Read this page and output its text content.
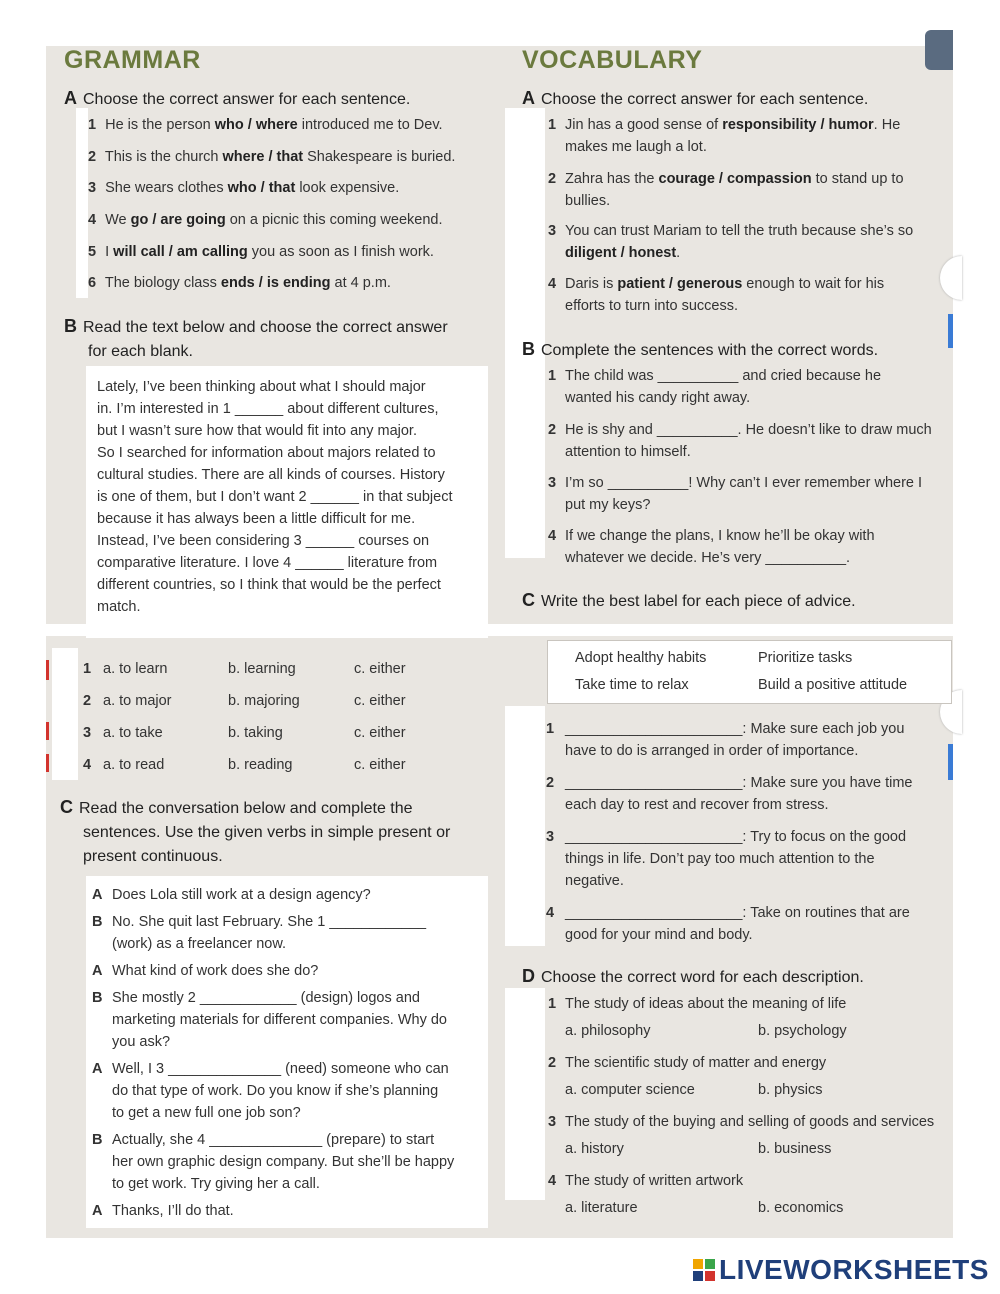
GRAMMAR
A Choose the correct answer for each sentence.
B Read the text below and choose the correct answer
for each blank.
Lately, I’ve been thinking about what I should major
in. I’m interested in 1 ______ about different cultures,
but I wasn’t sure how that would fit into any major.
So I searched for information about majors related to
cultural studies. There are all kinds of courses. History
is one of them, but I don’t want 2 ______ in that subject
because it has always been a little difficult for me.
Instead, I’ve been considering 3 ______ courses on
comparative literature. I love 4 ______ literature from
different countries, so I think that would be the perfect
match.
C Read the conversation below and complete the
sentences. Use the given verbs in simple present or
present continuous.
VOCABULARY
A Choose the correct answer for each sentence.
B Complete the sentences with the correct words.
C Write the best label for each piece of advice.
Adopt healthy habits	Prioritize tasks
Take time to relax	Build a positive attitude
D Choose the correct word for each description.
LIVEWORKSHEETS
1 He is the person who / where introduced me to Dev.
2 This is the church where / that Shakespeare is buried.
3 She wears clothes who / that look expensive.
4 We go / are going on a picnic this coming weekend.
5 I will call / am calling you as soon as I finish work.
6 The biology class ends / is ending at 4 p.m.
1 a. to learn	b. learning	c. either
2 a. to major	b. majoring	c. either
3 a. to take	b. taking	c. either
4 a. to read	b. reading	c. either
A Does Lola still work at a design agency?
B No. She quit last February. She 1 ____________
(work) as a freelancer now.
A What kind of work does she do?
B She mostly 2 ____________ (design) logos and
marketing materials for different companies. Why do
you ask?
A Well, I 3 ______________ (need) someone who can
do that type of work. Do you know if she’s planning
to get a new full one job son?
B Actually, she 4 ______________ (prepare) to start
her own graphic design company. But she’ll be happy
to get work. Try giving her a call.
A Thanks, I’ll do that.
1 Jin has a good sense of responsibility / humor. He
makes me laugh a lot.
2 Zahra has the courage / compassion to stand up to
bullies.
3 You can trust Mariam to tell the truth because she’s so
diligent / honest.
4 Daris is patient / generous enough to wait for his
efforts to turn into success.
1 The child was __________ and cried because he
wanted his candy right away.
2 He is shy and __________. He doesn’t like to draw much
attention to himself.
3 I’m so __________! Why can’t I ever remember where I
put my keys?
4 If we change the plans, I know he’ll be okay with
whatever we decide. He’s very __________.
1 ______________________: Make sure each job you
have to do is arranged in order of importance.
2 ______________________: Make sure you have time
each day to rest and recover from stress.
3 ______________________: Try to focus on the good
things in life. Don’t pay too much attention to the
negative.
4 ______________________: Take on routines that are
good for your mind and body.
1 The study of ideas about the meaning of life
a. philosophy	b. psychology
2 The scientific study of matter and energy
a. computer science	b. physics
3 The study of the buying and selling of goods and services
a. history	b. business
4 The study of written artwork
a. literature	b. economics
